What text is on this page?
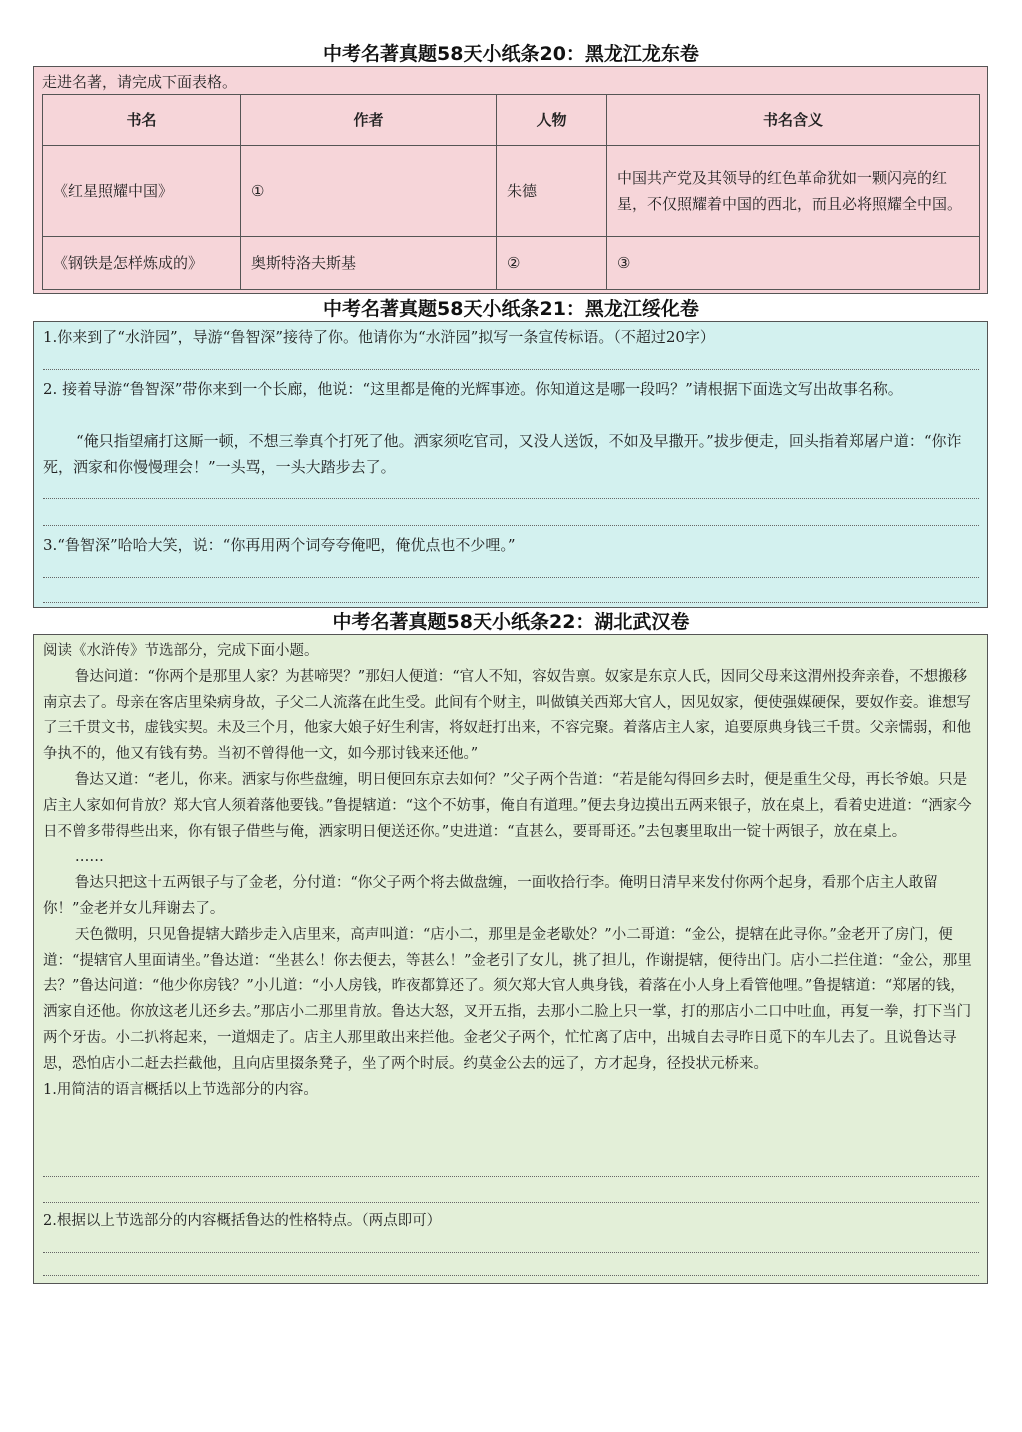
中考名著真题58天小纸条20：黑龙江龙东卷
走进名著，请完成下面表格。
书名	作者	人物	书名含义
《红星照耀中国》	①	朱德	中国共产党及其领导的红色革命犹如一颗闪亮的红星，不仅照耀着中国的西北，而且必将照耀全中国。
《钢铁是怎样炼成的》	奥斯特洛夫斯基	②	③
中考名著真题58天小纸条21：黑龙江绥化卷

1.你来到了“水浒园”，导游“鲁智深”接待了你。他请你为“水浒园”拟写一条宣传标语。（不超过20字）

2. 接着导游“鲁智深”带你来到一个长廊，他说：“这里都是俺的光辉事迹。你知道这是哪一段吗？”请根据下面选文写出故事名称。

“俺只指望痛打这厮一顿，不想三拳真个打死了他。洒家须吃官司，又没人送饭，不如及早撒开。”拔步便走，回头指着郑屠户道：“你诈死，洒家和你慢慢理会！”一头骂，一头大踏步去了。

3.“鲁智深”哈哈大笑，说：“你再用两个词夸夸俺吧，俺优点也不少哩。”

中考名著真题58天小纸条22：湖北武汉卷

阅读《水浒传》节选部分，完成下面小题。

鲁达问道：“你两个是那里人家？为甚啼哭？”那妇人便道：“官人不知，容奴告禀。奴家是东京人氏，因同父母来这渭州投奔亲眷，不想搬移南京去了。母亲在客店里染病身故，子父二人流落在此生受。此间有个财主，叫做镇关西郑大官人，因见奴家，便使强媒硬保，要奴作妾。谁想写了三千贯文书，虚钱实契。未及三个月，他家大娘子好生利害，将奴赶打出来，不容完聚。着落店主人家，追要原典身钱三千贯。父亲懦弱，和他争执不的，他又有钱有势。当初不曾得他一文，如今那讨钱来还他。”

鲁达又道：“老儿，你来。洒家与你些盘缠，明日便回东京去如何？”父子两个告道：“若是能勾得回乡去时，便是重生父母，再长爷娘。只是店主人家如何肯放？郑大官人须着落他要钱。”鲁提辖道：“这个不妨事，俺自有道理。”便去身边摸出五两来银子，放在桌上，看着史进道：“洒家今日不曾多带得些出来，你有银子借些与俺，洒家明日便送还你。”史进道：“直甚么，要哥哥还。”去包裹里取出一锭十两银子，放在桌上。

……

鲁达只把这十五两银子与了金老，分付道：“你父子两个将去做盘缠，一面收拾行李。俺明日清早来发付你两个起身，看那个店主人敢留你！”金老并女儿拜谢去了。

天色微明，只见鲁提辖大踏步走入店里来，高声叫道：“店小二，那里是金老歇处？”小二哥道：“金公，提辖在此寻你。”金老开了房门，便道：“提辖官人里面请坐。”鲁达道：“坐甚么！你去便去，等甚么！”金老引了女儿，挑了担儿，作谢提辖，便待出门。店小二拦住道：“金公，那里去？”鲁达问道：“他少你房钱？”小儿道：“小人房钱，昨夜都算还了。须欠郑大官人典身钱，着落在小人身上看管他哩。”鲁提辖道：“郑屠的钱，洒家自还他。你放这老儿还乡去。”那店小二那里肯放。鲁达大怒，叉开五指，去那小二脸上只一掌，打的那店小二口中吐血，再复一拳，打下当门两个牙齿。小二扒将起来，一道烟走了。店主人那里敢出来拦他。金老父子两个，忙忙离了店中，出城自去寻昨日觅下的车儿去了。且说鲁达寻思，恐怕店小二赶去拦截他，且向店里掇条凳子，坐了两个时辰。约莫金公去的远了，方才起身，径投状元桥来。

1.用简洁的语言概括以上节选部分的内容。

2.根据以上节选部分的内容概括鲁达的性格特点。（两点即可）
